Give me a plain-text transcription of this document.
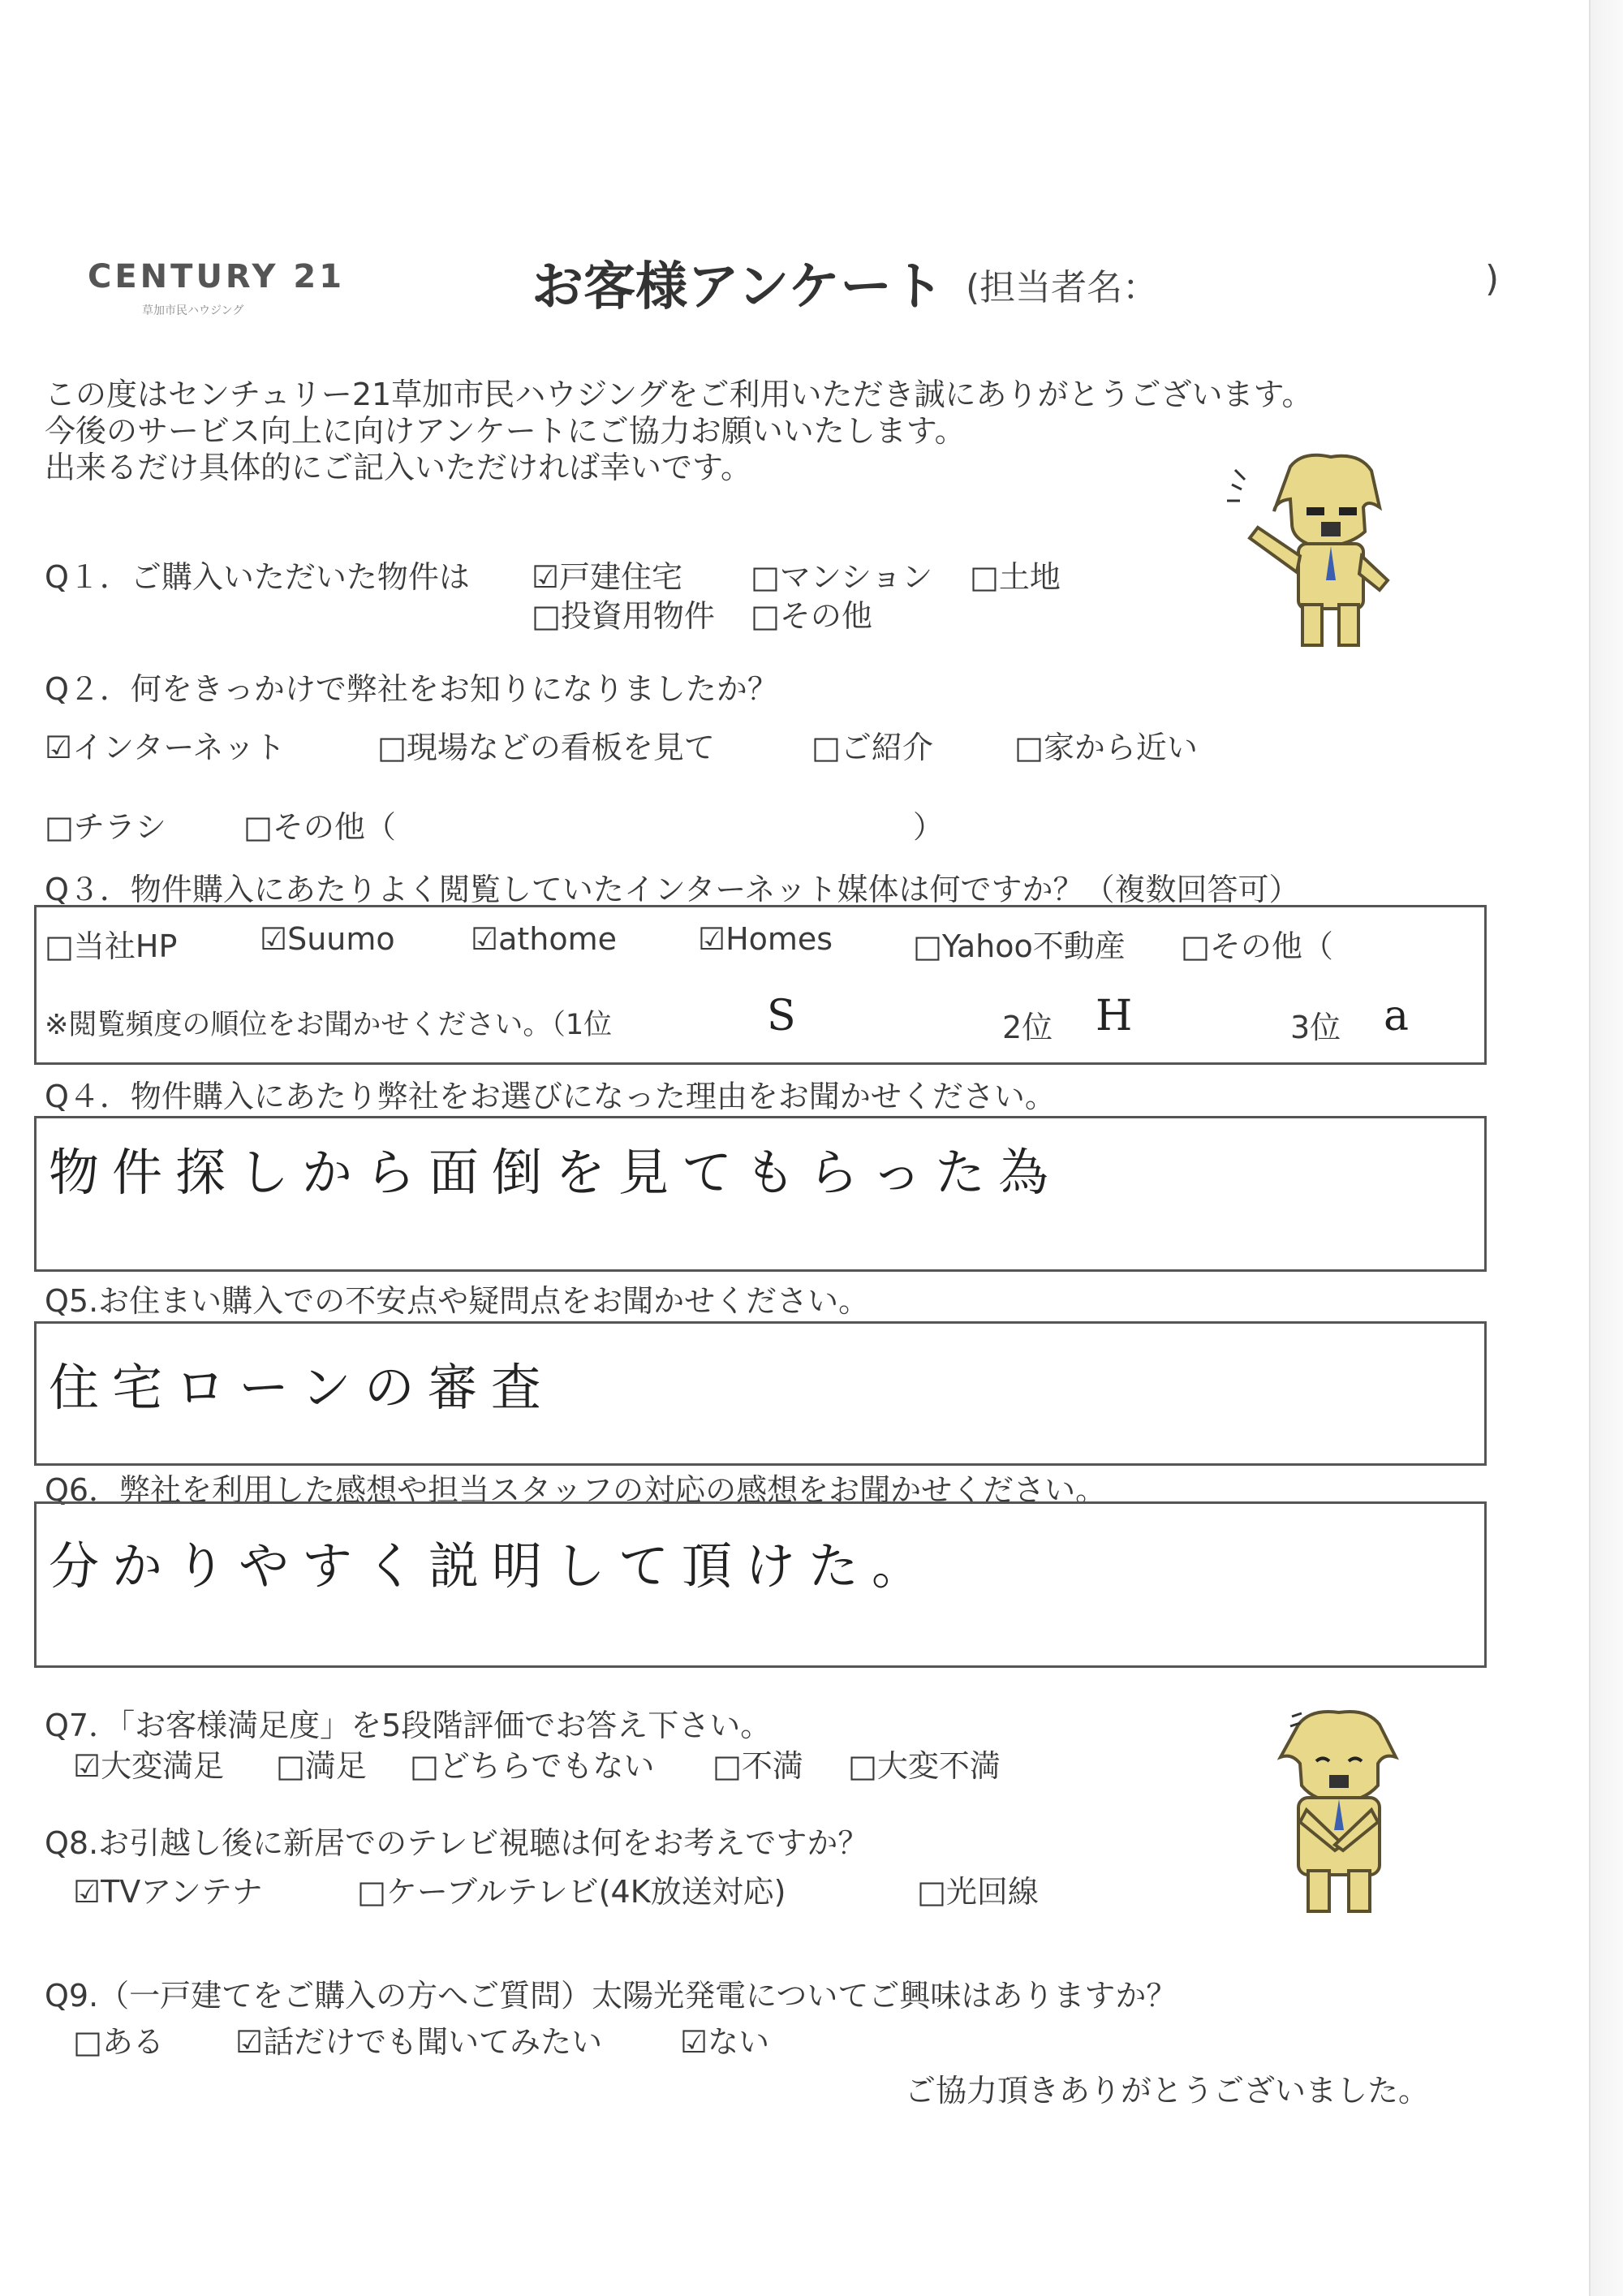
CENTURY 21
草加市民ハウジング	お客様アンケート (担当者名：	)
この度はセンチュリー21草加市民ハウジングをご利用いただき誠にありがとうございます。
今後のサービス向上に向けアンケートにご協力お願いいたします。
出来るだけ具体的にご記入いただければ幸いです。
Q１．ご購入いただいた物件は ☑戸建住宅 □マンション □土地
□投資用物件 □その他
Q２．何をきっかけで弊社をお知りになりましたか？
☑インターネット	□現場などの看板を見て	□ご紹介	□家から近い
□チラシ	□その他（	）
Q３．物件購入にあたりよく閲覧していたインターネット媒体は何ですか？（複数回答可）
□当社HP	☑Suumo ☑athome	☑Homes	□Yahoo不動産 □その他（
※閲覧頻度の順位をお聞かせください。（1位	S	2位 H	3位 a
Q４．物件購入にあたり弊社をお選びになった理由をお聞かせください。
物件探しから面倒を見てもらった為
Q5.お住まい購入での不安点や疑問点をお聞かせください。
住宅ローンの審査
Q6．弊社を利用した感想や担当スタッフの対応の感想をお聞かせください。
分かりやすく説明して頂けた。
Q7．「お客様満足度」を5段階評価でお答え下さい。
☑大変満足 □満足 □どちらでもない □不満 □大変不満
Q8.お引越し後に新居でのテレビ視聴は何をお考えですか？
☑TVアンテナ	□ケーブルテレビ(4K放送対応)	□光回線
Q9.（一戸建てをご購入の方へご質問）太陽光発電についてご興味はありますか？
□ある ☑話だけでも聞いてみたい	☑ない
ご協力頂きありがとうございました。
